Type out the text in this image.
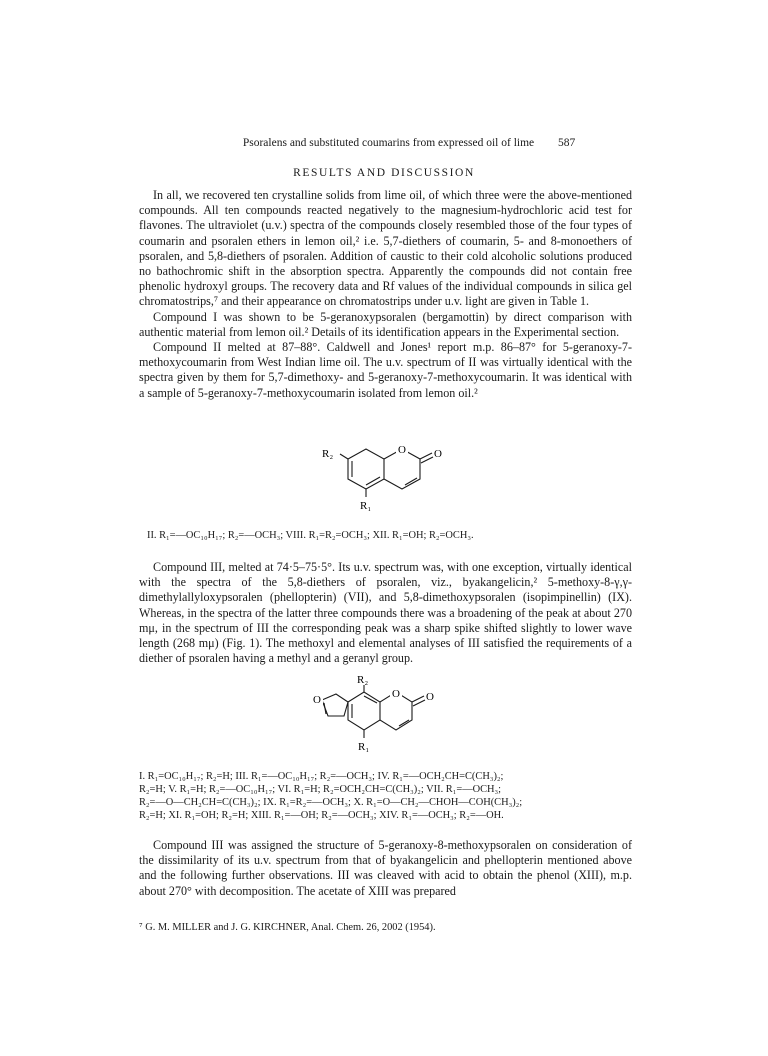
Psoralens and substituted coumarins from expressed oil of lime	587
RESULTS AND DISCUSSION

In all, we recovered ten crystalline solids from lime oil, of which three were the above-mentioned compounds. All ten compounds reacted negatively to the magnesium-hydrochloric acid test for flavones. The ultraviolet (u.v.) spectra of the compounds closely resembled those of the four types of coumarin and psoralen ethers in lemon oil,² i.e. 5,7-diethers of coumarin, 5- and 8-monoethers of psoralen, and 5,8-diethers of psoralen. Addition of caustic to their cold alcoholic solutions produced no bathochromic shift in the absorption spectra. Apparently the compounds did not contain free phenolic hydroxyl groups. The recovery data and Rf values of the individual compounds in silica gel chromatostrips,⁷ and their appearance on chromatostrips under u.v. light are given in Table 1.

Compound I was shown to be 5-geranoxypsoralen (bergamottin) by direct comparison with authentic material from lemon oil.² Details of its identification appears in the Experimental section.

Compound II melted at 87–88°. Caldwell and Jones¹ report m.p. 86–87° for 5-geranoxy-7-methoxycoumarin from West Indian lime oil. The u.v. spectrum of II was virtually identical with the spectra given by them for 5,7-dimethoxy- and 5-geranoxy-7-methoxycoumarin. It was identical with a sample of 5-geranoxy-7-methoxycoumarin isolated from lemon oil.²

O	O
R₂
R₁
II. R₁=—OC₁₀H₁₇; R₂=—OCH₃; VIII. R₁=R₂=OCH₃; XII. R₁=OH; R₂=OCH₃.

Compound III, melted at 74·5–75·5°. Its u.v. spectrum was, with one exception, virtually identical with the spectra of the 5,8-diethers of psoralen, viz., byakangelicin,² 5-methoxy-8-γ,γ-dimethylallyloxypsoralen (phellopterin) (VII), and 5,8-dimethoxypsoralen (isopimpinellin) (IX). Whereas, in the spectra of the latter three compounds there was a broadening of the peak at about 270 mμ, in the spectrum of III the corresponding peak was a sharp spike shifted slightly to lower wave length (268 mμ) (Fig. 1). The methoxyl and elemental analyses of III satisfied the requirements of a diether of psoralen having a methyl and a geranyl group.

O	O O
R₂
R₁
I. R₁=OC₁₀H₁₇; R₂=H; III. R₁=—OC₁₀H₁₇; R₂=—OCH₃; IV. R₁=—OCH₂CH=C(CH₃)₂;
R₂=H; V. R₁=H; R₂=—OC₁₀H₁₇; VI. R₁=H; R₂=OCH₂CH=C(CH₃)₂; VII. R₁=—OCH₃;
R₂=—O—CH₂CH=C(CH₃)₂; IX. R₁=R₂=—OCH₃; X. R₁=O—CH₂—CHOH—COH(CH₃)₂;
R₂=H; XI. R₁=OH; R₂=H; XIII. R₁=—OH; R₂=—OCH₃; XIV. R₁=—OCH₃; R₂=—OH.

Compound III was assigned the structure of 5-geranoxy-8-methoxypsoralen on consideration of the dissimilarity of its u.v. spectrum from that of byakangelicin and phellopterin mentioned above and the following further observations. III was cleaved with acid to obtain the phenol (XIII), m.p. about 270° with decomposition. The acetate of XIII was prepared

⁷ G. M. MILLER and J. G. KIRCHNER, Anal. Chem. 26, 2002 (1954).
